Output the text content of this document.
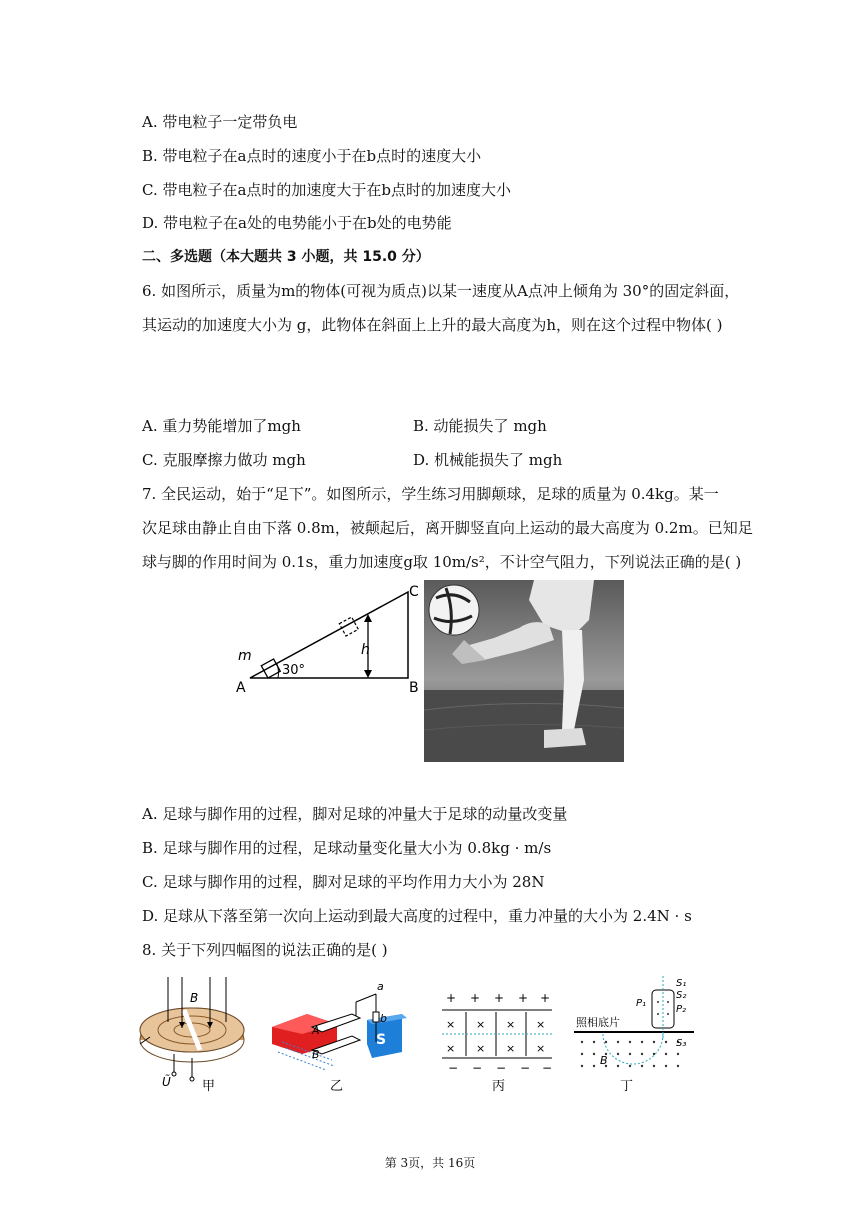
A. 带电粒子一定带负电
B. 带电粒子在a点时的速度小于在b点时的速度大小
C. 带电粒子在a点时的加速度大于在b点时的加速度大小
D. 带电粒子在a处的电势能小于在b处的电势能
二、多选题（本大题共 3 小题，共 15.0 分）
6. 如图所示，质量为m的物体(可视为质点)以某一速度从A点冲上倾角为 30°的固定斜面，
其运动的加速度大小为 g，此物体在斜面上上升的最大高度为h，则在这个过程中物体( )
A. 重力势能增加了mgh	B. 动能损失了 mgh
C. 克服摩擦力做功 mgh	D. 机械能损失了 mgh
7. 全民运动，始于“足下”。如图所示，学生练习用脚颠球，足球的质量为 0.4kg。某一
次足球由静止自由下落 0.8m，被颠起后，离开脚竖直向上运动的最大高度为 0.2m。已知足
球与脚的作用时间为 0.1s，重力加速度g取 10m/s²，不计空气阻力，下列说法正确的是( )
m
A	B
C
h
30°
A. 足球与脚作用的过程，脚对足球的冲量大于足球的动量改变量
B. 足球与脚作用的过程，足球动量变化量大小为 0.8kg · m/s
C. 足球与脚作用的过程，脚对足球的平均作用力大小为 28N
D. 足球从下落至第一次向上运动到最大高度的过程中，重力冲量的大小为 2.4N · s
8. 关于下列四幅图的说法正确的是( )
B
Ũ 甲
A
B
a
b
S
乙
+ + + + +
− − − − −
× × × ×
× × × ×
丙
照相底片
S₁
S₂
S₃
P₁
P₂
B
丁
第 3页，共 16页
